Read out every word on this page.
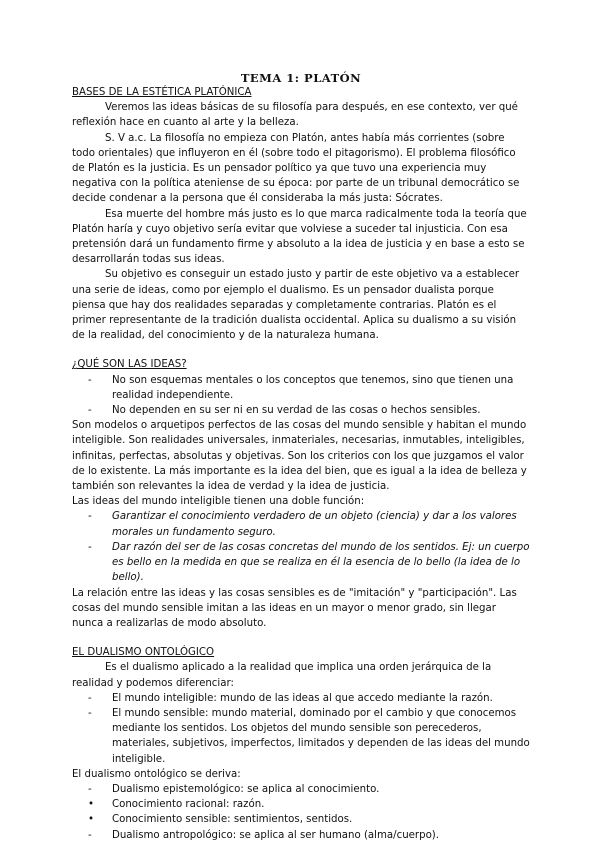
TEMA 1: PLATÓN

BASES DE LA ESTÉTICA PLATÓNICA

Veremos las ideas básicas de su filosofía para después, en ese contexto, ver qué reflexión hace en cuanto al arte y la belleza.

S. V a.c. La filosofía no empieza con Platón, antes había más corrientes (sobre todo orientales) que influyeron en él (sobre todo el pitagorismo). El problema filosófico de Platón es la justicia. Es un pensador político ya que tuvo una experiencia muy negativa con la política ateniense de su época: por parte de un tribunal democrático se decide condenar a la persona que él consideraba la más justa: Sócrates.

Esa muerte del hombre más justo es lo que marca radicalmente toda la teoría que Platón haría y cuyo objetivo sería evitar que volviese a suceder tal injusticia. Con esa pretensión dará un fundamento firme y absoluto a la idea de justicia y en base a esto se desarrollarán todas sus ideas.

Su objetivo es conseguir un estado justo y partir de este objetivo va a establecer una serie de ideas, como por ejemplo el dualismo. Es un pensador dualista porque piensa que hay dos realidades separadas y completamente contrarias. Platón es el primer representante de la tradición dualista occidental. Aplica su dualismo a su visión de la realidad, del conocimiento y de la naturaleza humana.

¿QUÉ SON LAS IDEAS?

- No son esquemas mentales o los conceptos que tenemos, sino que tienen una realidad independiente.
- No dependen en su ser ni en su verdad de las cosas o hechos sensibles.

Son modelos o arquetipos perfectos de las cosas del mundo sensible y habitan el mundo inteligible. Son realidades universales, inmateriales, necesarias, inmutables, inteligibles, infinitas, perfectas, absolutas y objetivas. Son los criterios con los que juzgamos el valor de lo existente. La más importante es la idea del bien, que es igual a la idea de belleza y también son relevantes la idea de verdad y la idea de justicia.

Las ideas del mundo inteligible tienen una doble función:

- Garantizar el conocimiento verdadero de un objeto (ciencia) y dar a los valores morales un fundamento seguro.
- Dar razón del ser de las cosas concretas del mundo de los sentidos. Ej: un cuerpo es bello en la medida en que se realiza en él la esencia de lo bello (la idea de lo bello).

La relación entre las ideas y las cosas sensibles es de "imitación" y "participación". Las cosas del mundo sensible imitan a las ideas en un mayor o menor grado, sin llegar nunca a realizarlas de modo absoluto.

EL DUALISMO ONTOLÓGICO

Es el dualismo aplicado a la realidad que implica una orden jerárquica de la realidad y podemos diferenciar:

- El mundo inteligible: mundo de las ideas al que accedo mediante la razón.
- El mundo sensible: mundo material, dominado por el cambio y que conocemos mediante los sentidos. Los objetos del mundo sensible son perecederos, materiales, subjetivos, imperfectos, limitados y dependen de las ideas del mundo inteligible.

El dualismo ontológico se deriva:

- Dualismo epistemológico: se aplica al conocimiento.
• Conocimiento racional: razón.
• Conocimiento sensible: sentimientos, sentidos.
- Dualismo antropológico: se aplica al ser humano (alma/cuerpo).
